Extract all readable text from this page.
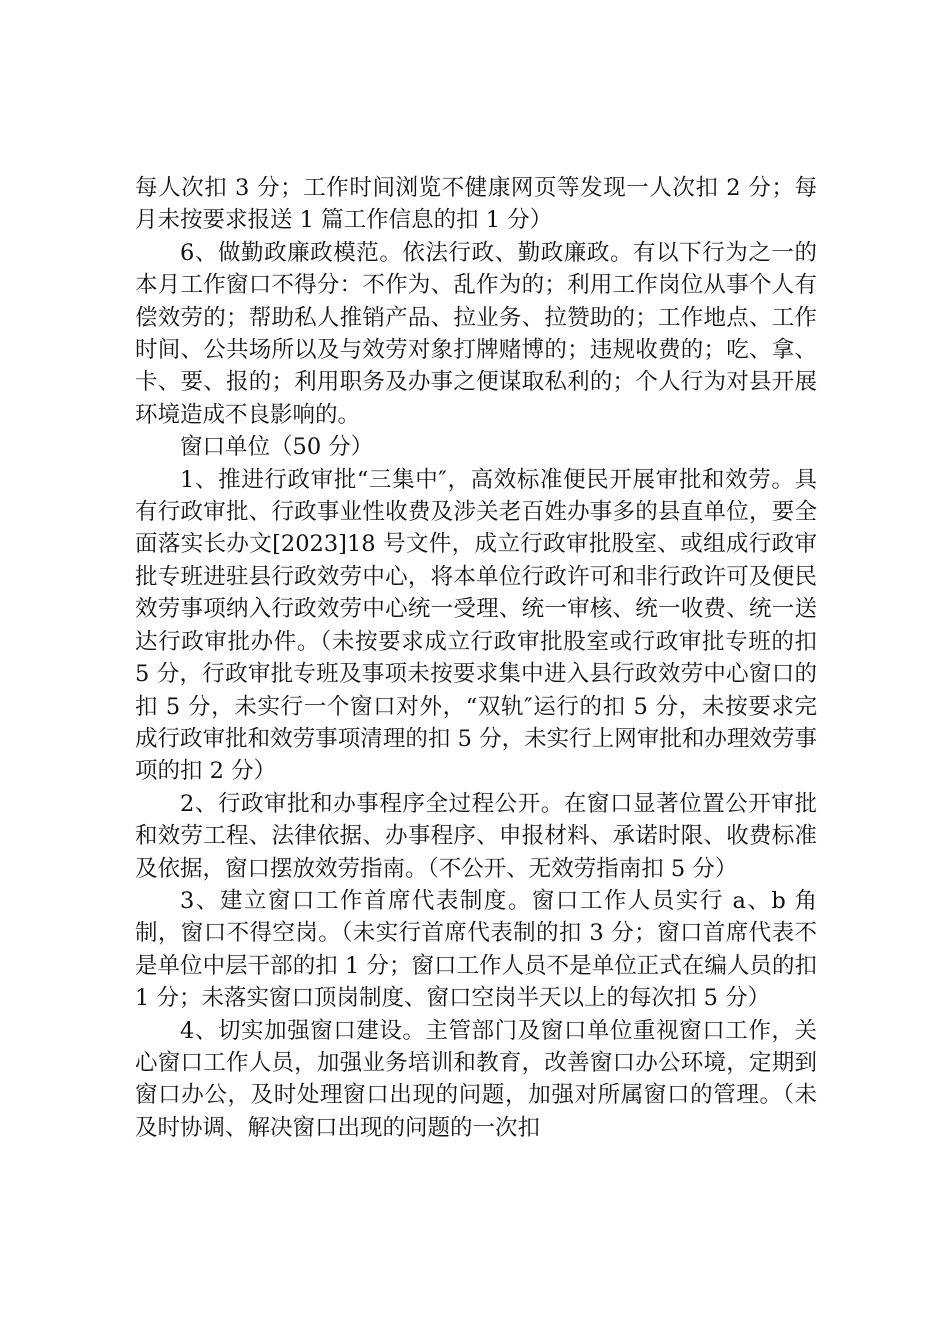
每人次扣 3 分；工作时间浏览不健康网页等发现一人次扣 2 分；每月未按要求报送 1 篇工作信息的扣 1 分）

6、做勤政廉政模范。依法行政、勤政廉政。有以下行为之一的本月工作窗口不得分：不作为、乱作为的；利用工作岗位从事个人有偿效劳的；帮助私人推销产品、拉业务、拉赞助的；工作地点、工作时间、公共场所以及与效劳对象打牌赌博的；违规收费的；吃、拿、卡、要、报的；利用职务及办事之便谋取私利的；个人行为对县开展环境造成不良影响的。

窗口单位（50 分）

1、推进行政审批“三集中″，高效标准便民开展审批和效劳。具有行政审批、行政事业性收费及涉关老百姓办事多的县直单位，要全面落实长办文[2023]18 号文件，成立行政审批股室、或组成行政审批专班进驻县行政效劳中心，将本单位行政许可和非行政许可及便民效劳事项纳入行政效劳中心统一受理、统一审核、统一收费、统一送达行政审批办件。（未按要求成立行政审批股室或行政审批专班的扣 5 分，行政审批专班及事项未按要求集中进入县行政效劳中心窗口的扣 5 分，未实行一个窗口对外，“双轨″运行的扣 5 分，未按要求完成行政审批和效劳事项清理的扣 5 分，未实行上网审批和办理效劳事项的扣 2 分）

2、行政审批和办事程序全过程公开。在窗口显著位置公开审批和效劳工程、法律依据、办事程序、申报材料、承诺时限、收费标准及依据，窗口摆放效劳指南。（不公开、无效劳指南扣 5 分）

3、建立窗口工作首席代表制度。窗口工作人员实行 a、b 角制，窗口不得空岗。（未实行首席代表制的扣 3 分；窗口首席代表不是单位中层干部的扣 1 分；窗口工作人员不是单位正式在编人员的扣 1 分；未落实窗口顶岗制度、窗口空岗半天以上的每次扣 5 分）

4、切实加强窗口建设。主管部门及窗口单位重视窗口工作，关心窗口工作人员，加强业务培训和教育，改善窗口办公环境，定期到窗口办公，及时处理窗口出现的问题，加强对所属窗口的管理。（未及时协调、解决窗口出现的问题的一次扣
